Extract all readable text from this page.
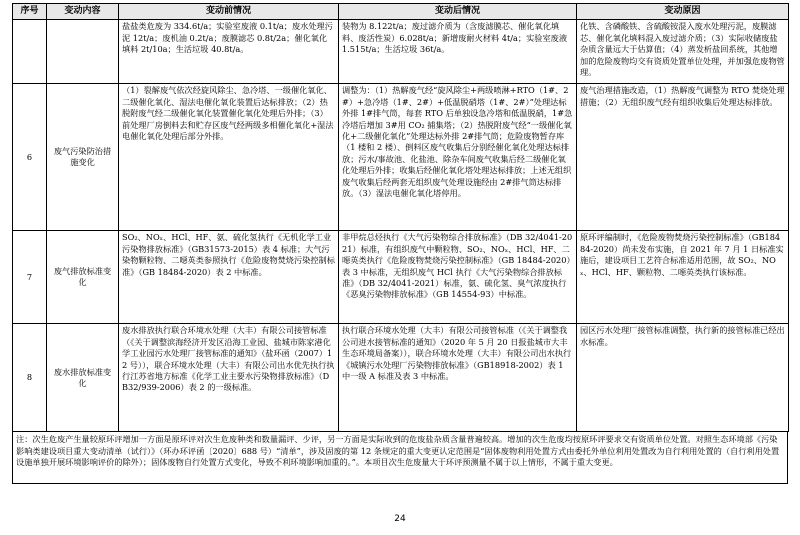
序号	变动内容	变动前情况	变动后情况	变动原因
		盐盐类危废为 334.6t/a；实验室废液 0.1t/a；废水处理污泥 12t/a；废机油 0.2t/a；废膜滤芯 0.8t/2a；催化氧化填料 2t/10a；生活垃圾 40.8t/a。	装物为 8.122t/a；废过滤介质为（含废滤膜芯、催化氧化填料、废活性炭）6.028t/a；新增废耐火材料 4t/a；实验室废液 1.515t/a；生活垃圾 36t/a。	化铁、含磷酸铁、含硫酸铵混入废水处理污泥，废膜滤芯、催化氧化填料混入废过滤介质；（3）实际收储废盐杂质含量远大于估算值；（4）蒸发析盐回系统，其他增加的危险废物均交有资质处置单位处理，并加强危废物管理。
6	废气污染防治措施变化	（1）裂解废气依次经旋风除尘、急冷塔、一级催化氧化、二级催化氧化、湿法电催化氧化装置后达标排放；（2）热脱附废气经二级催化氧化装置催化氧化处理后外排；（3）前处理厂房倒料去和贮存区废气经两级多相催化氧化+湿法电催化氧化处理后部分外排。	调整为：（1）热解废气经“旋风除尘+两级喷淋+RTO（1#、2#）+急冷塔（1#、2#）+低温脱硝塔（1#、2#）”处理达标外排 1#排气筒，每套 RTO 后单独设急冷塔和低温脱硝，1#急冷塔后增加 3#用 CO₂ 捕集塔；（2）热脱附废气经“一级催化氧化+二级催化氧化”处理达标外排 2#排气筒；危险废物暂存库（1 楼和 2 楼）、倒料区废气收集后分别经催化氧化处理达标排放；污水/事故池、化盐池、除杂车间废气收集后经二级催化氧化处理后外排；收集后经催化氧化塔处理达标排放；上述无组织废气收集后经两套无组织废气处理设施经由 2#排气筒达标排放。（3）湿法电催化氧化塔停用。	废气治理措施改造，（1）热解废气调整为 RTO 焚烧处理措施；（2）无组织废气经有组织收集后处理达标排放。
7	废气排放标准变化	SO₂、NOₓ、HCl、HF、氨、硫化氢执行《无机化学工业污染物排放标准》（GB31573-2015）表 4 标准；大气污染物颗粒物、二噁英类参照执行《危险废物焚烧污染控制标准》（GB 18484-2020）表 2 中标准。	非甲烷总烃执行《大气污染物综合排放标准》（DB 32/4041-2021）标准，有组织废气中颗粒物、SO₂、NOₓ、HCl、HF、二噁英类执行《危险废物焚烧污染控制标准》（GB 18484-2020）表 3 中标准，无组织废气 HCl 执行《大气污染物综合排放标准》（DB 32/4041-2021）标准，氨、硫化氢、臭气浓度执行《恶臭污染物排放标准》（GB 14554-93）中标准。	原环评编制时，《危险废物焚烧污染控制标准》（GB18484-2020）尚未发布实施，自 2021 年 7 月 1 日标准实施后，建设项目工艺符合标准适用范围，故 SO₂、NOₓ、HCl、HF、颗粒物、二噁英类执行该标准。
8	废水排放标准变化	废水排放执行联合环境水处理（大丰）有限公司接管标准（《关于调整滨海经济开发区沿海工业园、盐城市陈家港化学工业园污水处理厂接管标准的通知》（盐环函（2007）12 号）），联合环境水处理（大丰）有限公司出水优先执行执行江苏省地方标准《化学工业主要水污染物排放标准》（DB32/939-2006）表 2 的一级标准。	执行联合环境水处理（大丰）有限公司接管标准（《关于调整我公司进水接管标准的通知》（2020 年 5 月 20 日报盐城市大丰生态环境局备案）），联合环境水处理（大丰）有限公司出水执行《城镇污水处理厂污染物排放标准》（GB18918-2002）表 1 中一级 A 标准及表 3 中标准。	园区污水处理厂接管标准调整，执行新的接管标准已经出水标准。
注：次生危废产生量较原环评增加一方面是原环评对次生危废种类和数量漏评、少评，另一方面是实际收到的危废盐杂质含量普遍较高。增加的次生危废均按原环评要求交有资质单位处置。对照生态环境部《污染影响类建设项目重大变动清单（试行）》（环办环评函〔2020〕688 号）“清单”，涉及固废的第 12 条规定的重大变更认定范围是“固体废物利用处置方式由委托外单位利用处置改为自行利用处置的（自行利用处置设施单独开展环境影响评价的除外）；固体废物自行处置方式变化，导致不利环境影响加重的。”。本项目次生危废量大于环评预测量不属于以上情形，不属于重大变更。
24
